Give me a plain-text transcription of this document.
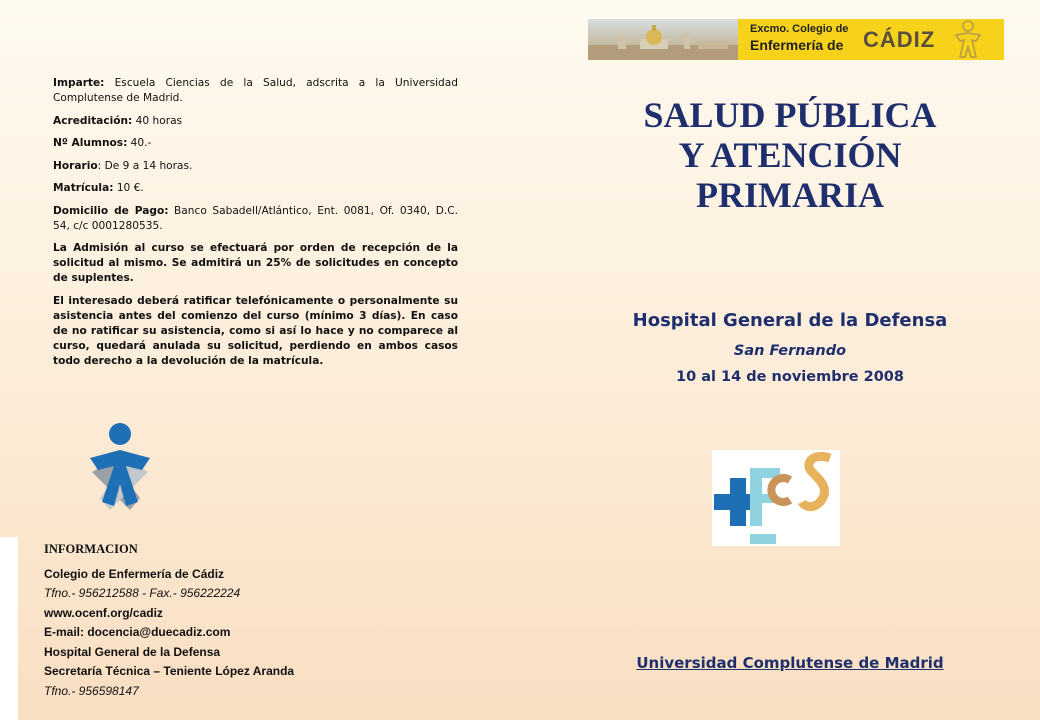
Imparte: Escuela Ciencias de la Salud, adscrita a la Universidad Complutense de Madrid.

Acreditación: 40 horas

Nº Alumnos: 40.-

Horario: De 9 a 14 horas.

Matrícula: 10 €.

Domicilio de Pago: Banco Sabadell/Atlántico, Ent. 0081, Of. 0340, D.C. 54, c/c 0001280535.

La Admisión al curso se efectuará por orden de recepción de la solicitud al mismo. Se admitirá un 25% de solicitudes en concepto de suplentes.

El interesado deberá ratificar telefónicamente o personalmente su asistencia antes del comienzo del curso (mínimo 3 días). En caso de no ratificar su asistencia, como si así lo hace y no comparece al curso, quedará anulada su solicitud, perdiendo en ambos casos todo derecho a la devolución de la matrícula.

INFORMACION
Colegio de Enfermería de Cádiz
Tfno.- 956212588 - Fax.- 956222224
www.ocenf.org/cadiz
E-mail: docencia@duecadiz.com
Hospital General de la Defensa
Secretaría Técnica – Teniente López Aranda
Tfno.- 956598147
Excmo. Colegio de
Enfermería de CÁDIZ
SALUD PÚBLICA
Y ATENCIÓN
PRIMARIA
Hospital General de la Defensa
San Fernando
10 al 14 de noviembre 2008
Universidad Complutense de Madrid
